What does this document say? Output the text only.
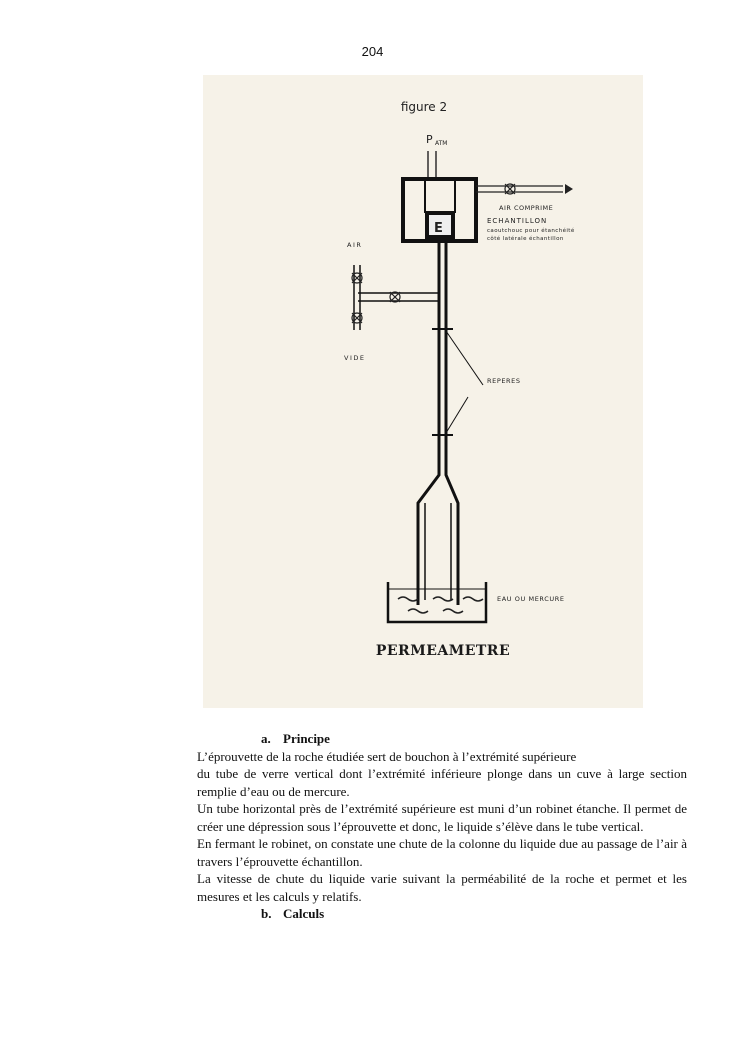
204
figure 2
P ATM
E
AIR COMPRIME
ECHANTILLON
caoutchouc pour étanchéité
côté latérale échantillon
REPERES
AIR
VIDE
EAU OU MERCURE
PERMEAMETRE
a. Principe
L’éprouvette de la roche étudiée sert de bouchon à l’extrémité supérieure
du tube de verre vertical dont l’extrémité inférieure plonge dans un cuve à large section remplie d’eau ou de mercure.
Un tube horizontal près de l’extrémité supérieure est muni d’un robinet étanche. Il permet de créer une dépression sous l’éprouvette et donc, le liquide s’élève dans le tube vertical.
En fermant le robinet, on constate une chute de la colonne du liquide due au passage de l’air à travers l’éprouvette échantillon.
La vitesse de chute du liquide varie suivant la perméabilité de la roche et permet et les mesures et les calculs y relatifs.
b. Calculs
